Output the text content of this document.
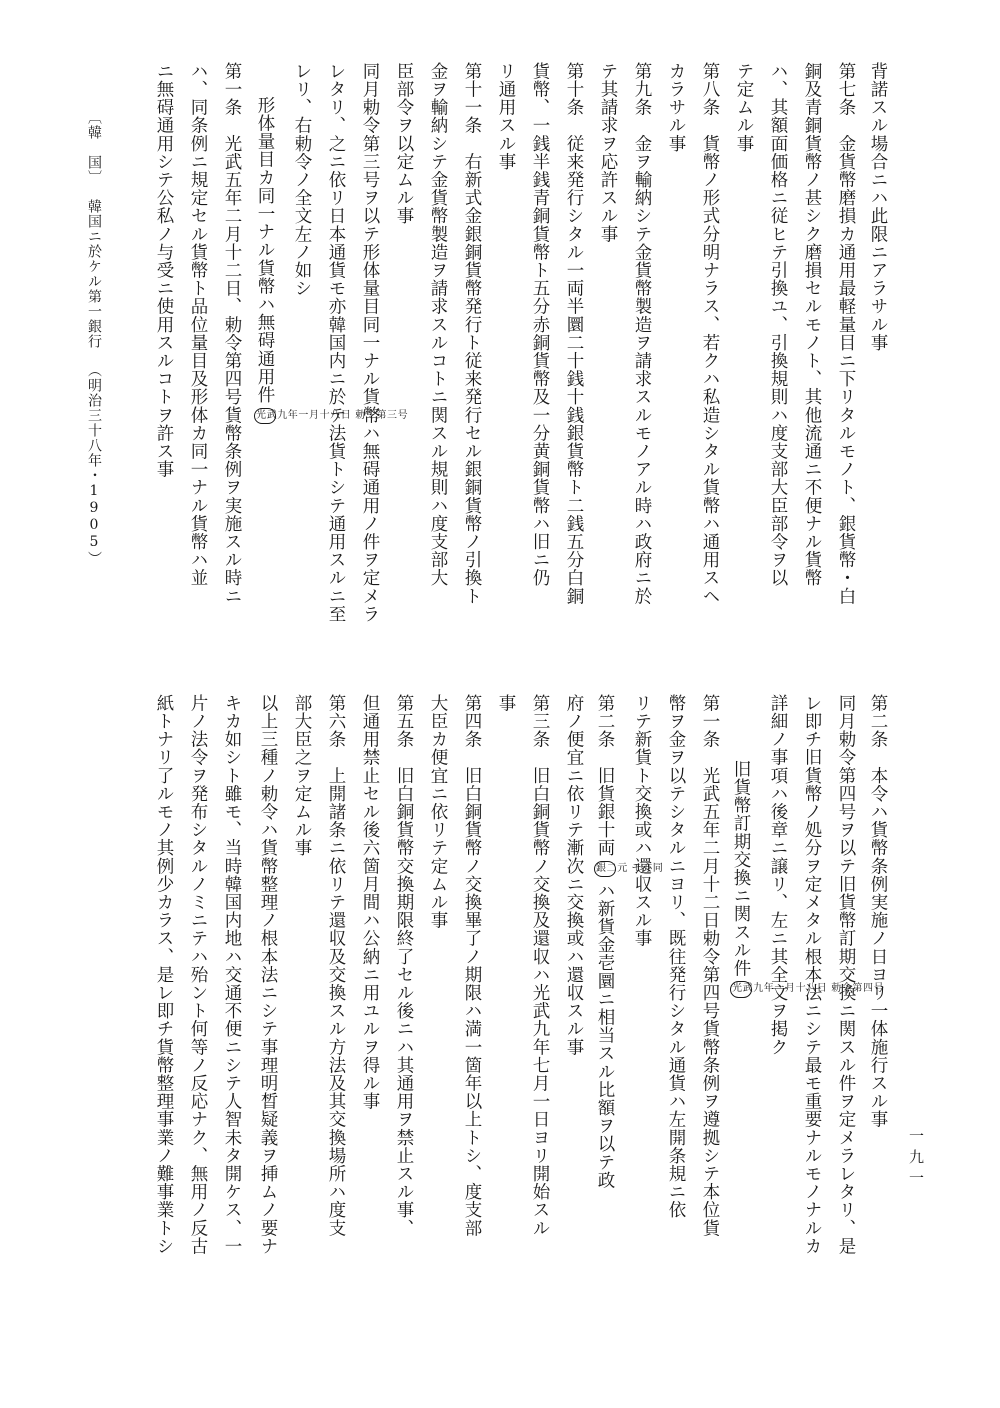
背諾スル場合ニハ此限ニアラサル事
第七条　金貨幣磨損カ通用最軽量目ニ下リタルモノト、銀貨幣・白
銅及青銅貨幣ノ甚シク磨損セルモノト、其他流通ニ不便ナル貨幣
ハ、其額面価格ニ従ヒテ引換ユ、引換規則ハ度支部大臣部令ヲ以
テ定ムル事
第八条　貨幣ノ形式分明ナラス、若クハ私造シタル貨幣ハ通用スヘ
カラサル事
第九条　金ヲ輸納シテ金貨幣製造ヲ請求スルモノアル時ハ政府ニ於
テ其請求ヲ応許スル事
第十条　従来発行シタル一両半圜二十銭十銭銀貨幣ト二銭五分白銅
貨幣、一銭半銭青銅貨幣ト五分赤銅貨幣及一分黄銅貨幣ハ旧ニ仍
リ通用スル事
第十一条　右新式金銀銅貨幣発行ト従来発行セル銀銅貨幣ノ引換ト
金ヲ輸納シテ金貨幣製造ヲ請求スルコトニ関スル規則ハ度支部大
臣部令ヲ以定ムル事
同月勅令第三号ヲ以テ形体量目同一ナル貨幣ハ無碍通用ノ件ヲ定メラ
レタリ、之ニ依リ日本通貨モ亦韓国内ニ於テ法貨トシテ通用スルニ至
レリ、右勅令ノ全文左ノ如シ
形体量目カ同一ナル貨幣ハ無碍通用件光武九年一月十八日 勅令第三号
第一条　光武五年二月十二日、勅令第四号貨幣条例ヲ実施スル時ニ
ハ、同条例ニ規定セル貨幣ト品位量目及形体カ同一ナル貨幣ハ並
ニ無碍通用シテ公私ノ与受ニ使用スルコトヲ許ス事
〔韓　国〕韓国ニ於ケル第一銀行（明治三十八年・1905）
第二条　本令ハ貨幣条例実施ノ日ヨリ一体施行スル事
同月勅令第四号ヲ以テ旧貨幣訂期交換ニ関スル件ヲ定メラレタリ、是
レ即チ旧貨幣ノ処分ヲ定メタル根本法ニシテ最モ重要ナルモノナルカ
詳細ノ事項ハ後章ニ譲リ、左ニ其全文ヲ掲ク
旧貨幣訂期交換ニ関スル件光武九年一月十八日 勅令第四号
第一条　光武五年二月十二日勅令第四号貨幣条例ヲ遵拠シテ本位貨
幣ヲ金ヲ以テシタルニヨリ、既往発行シタル通貨ハ左開条規ニ依
リテ新貨ト交換或ハ還収スル事
第二条　旧貨銀十両銀二元 モ亦同ハ新貨金壱圜ニ相当スル比額ヲ以テ政
府ノ便宜ニ依リテ漸次ニ交換或ハ還収スル事
第三条　旧白銅貨幣ノ交換及還収ハ光武九年七月一日ヨリ開始スル
事
第四条　旧白銅貨幣ノ交換畢了ノ期限ハ満一箇年以上トシ、度支部
大臣カ便宜ニ依リテ定ムル事
第五条　旧白銅貨幣交換期限終了セル後ニハ其通用ヲ禁止スル事、
但通用禁止セル後六箇月間ハ公納ニ用ユルヲ得ル事
第六条　上開諸条ニ依リテ還収及交換スル方法及其交換場所ハ度支
部大臣之ヲ定ムル事
以上三種ノ勅令ハ貨幣整理ノ根本法ニシテ事理明晳疑義ヲ挿ムノ要ナ
キカ如シト雖モ、当時韓国内地ハ交通不便ニシテ人智未タ開ケス、一
片ノ法令ヲ発布シタルノミニテハ殆ント何等ノ反応ナク、無用ノ反古
紙トナリ了ルモノ其例少カラス、是レ即チ貨幣整理事業ノ難事業トシ	一九一
